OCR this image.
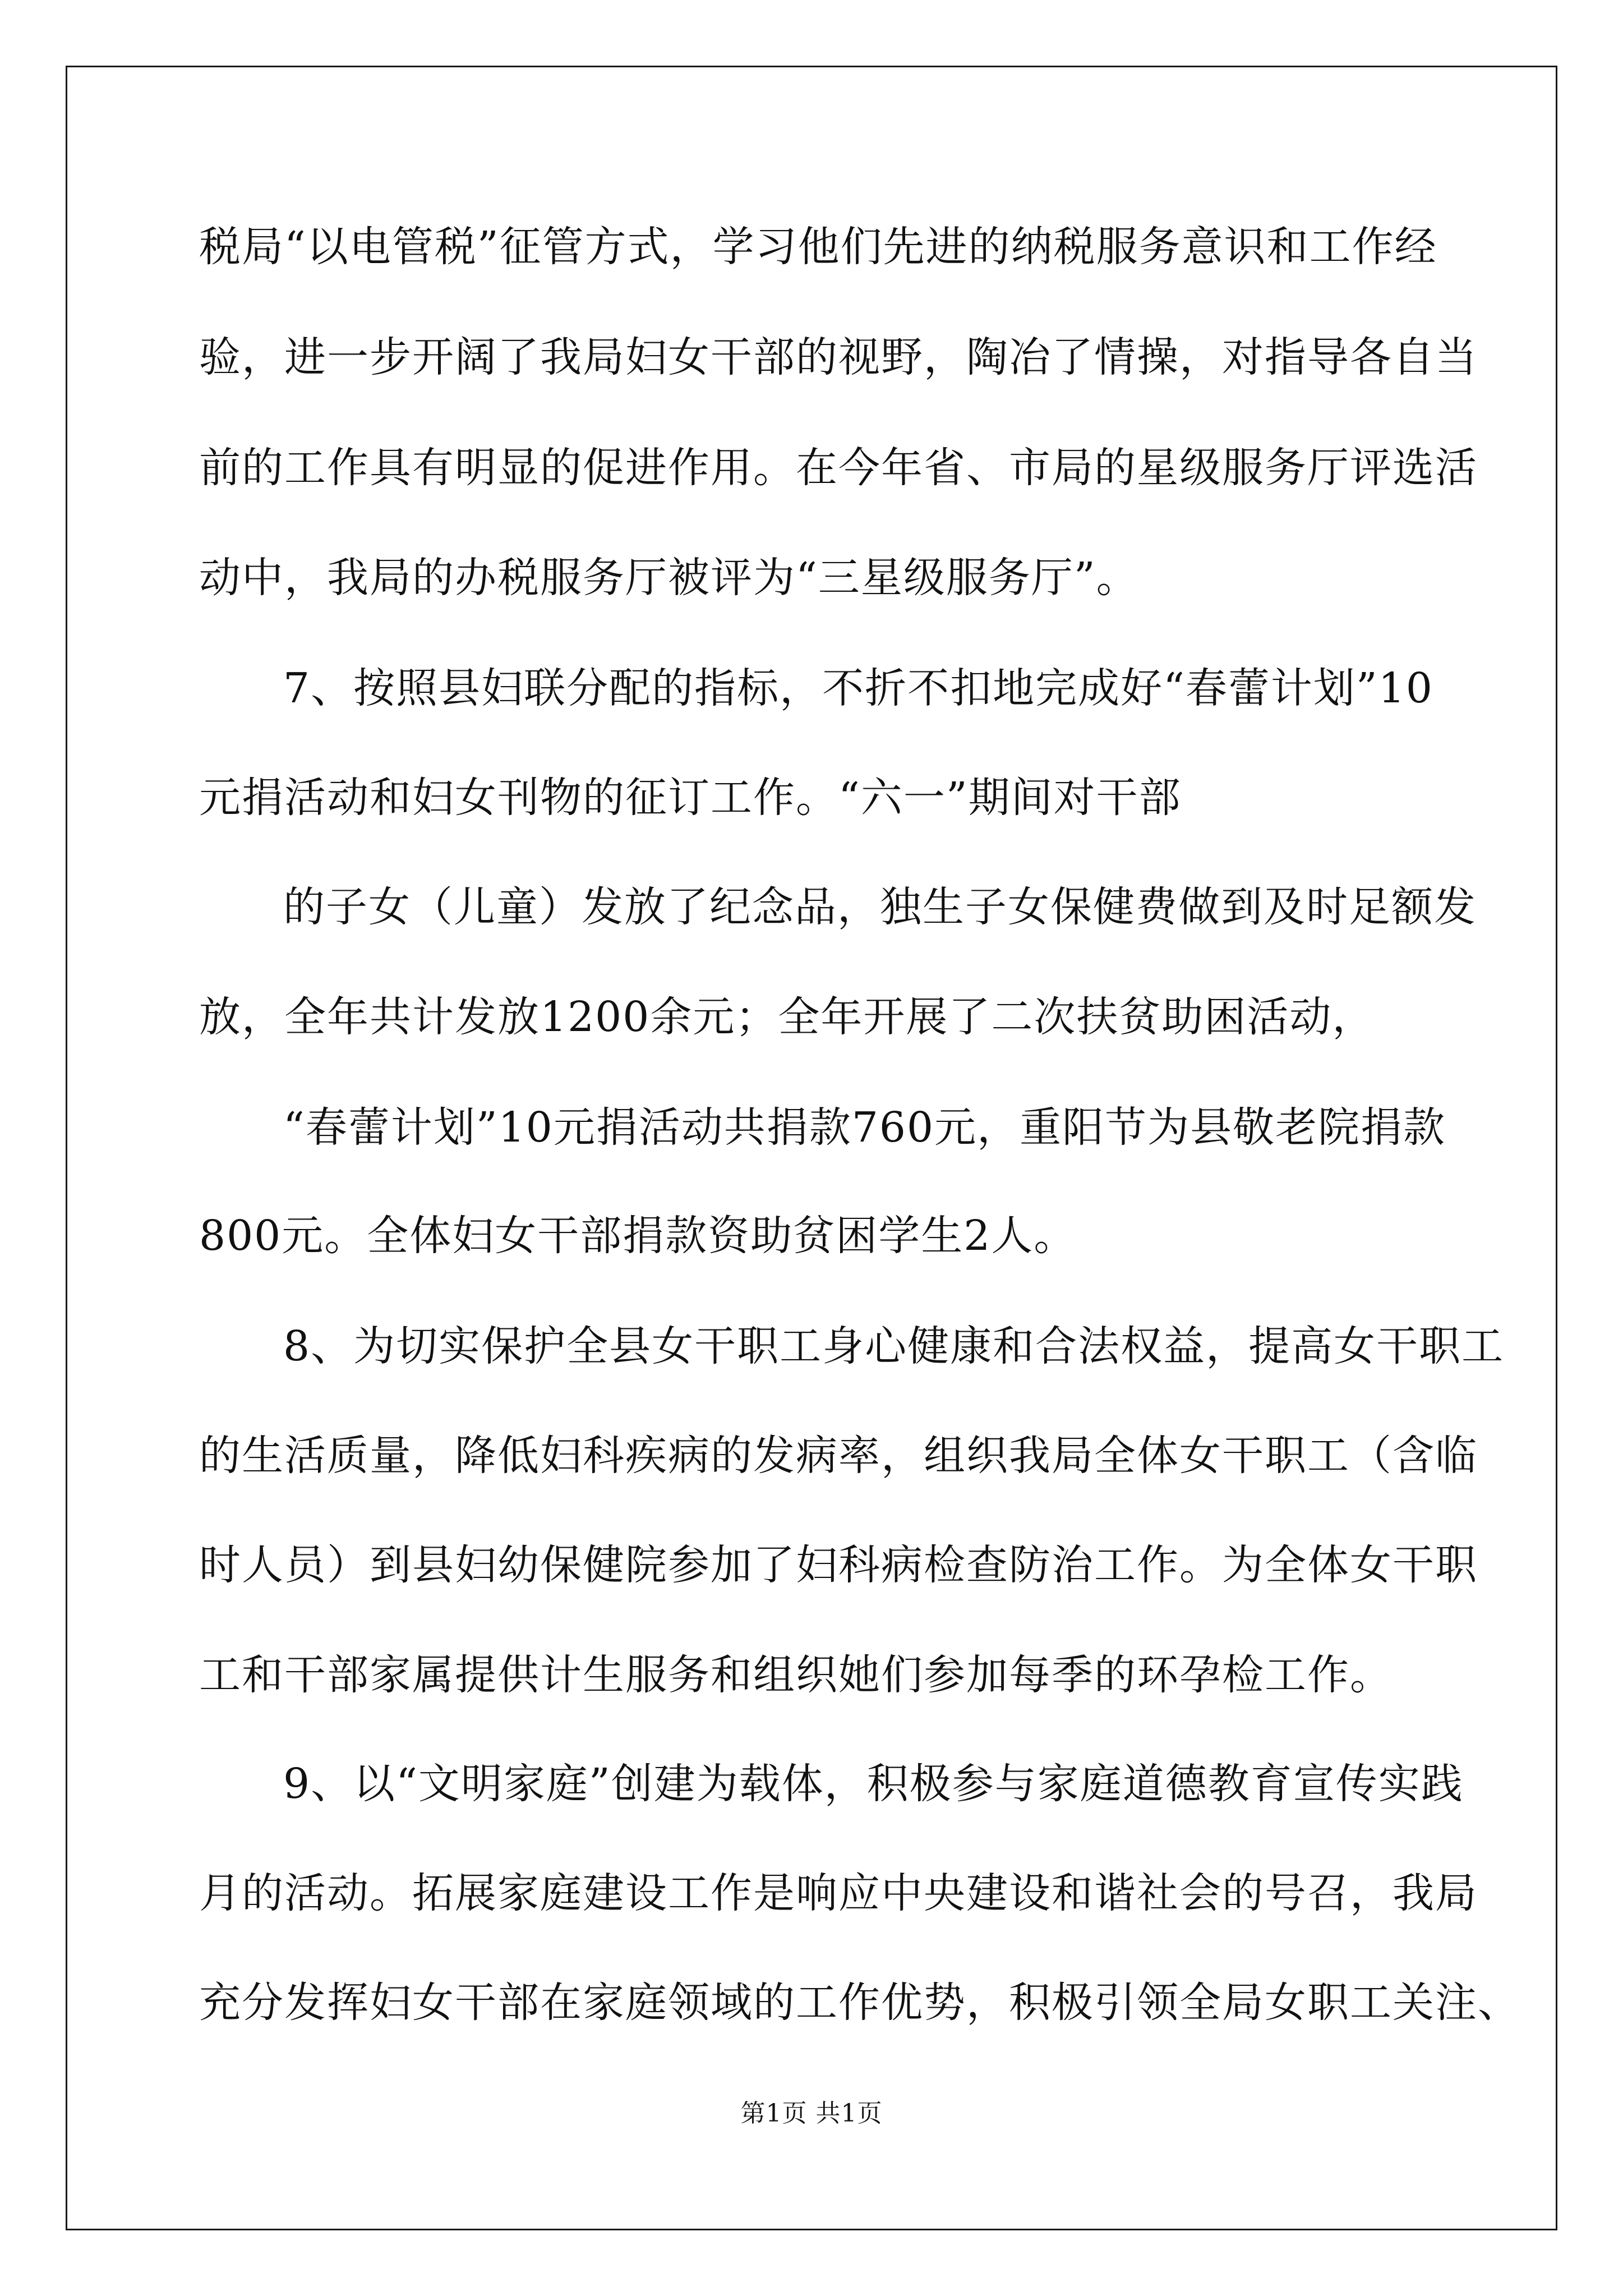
税局“以电管税”征管方式，学习他们先进的纳税服务意识和工作经
验，进一步开阔了我局妇女干部的视野，陶冶了情操，对指导各自当
前的工作具有明显的促进作用。在今年省、市局的星级服务厅评选活
动中，我局的办税服务厅被评为“三星级服务厅”。
7、按照县妇联分配的指标，不折不扣地完成好“春蕾计划”10
元捐活动和妇女刊物的征订工作。“六一”期间对干部
的子女（儿童）发放了纪念品，独生子女保健费做到及时足额发
放，全年共计发放1200余元；全年开展了二次扶贫助困活动，
“春蕾计划”10元捐活动共捐款760元，重阳节为县敬老院捐款
800元。全体妇女干部捐款资助贫困学生2人。
8、为切实保护全县女干职工身心健康和合法权益，提高女干职工
的生活质量，降低妇科疾病的发病率，组织我局全体女干职工（含临
时人员）到县妇幼保健院参加了妇科病检查防治工作。为全体女干职
工和干部家属提供计生服务和组织她们参加每季的环孕检工作。
9、以“文明家庭”创建为载体，积极参与家庭道德教育宣传实践
月的活动。拓展家庭建设工作是响应中央建设和谐社会的号召，我局
充分发挥妇女干部在家庭领域的工作优势，积极引领全局女职工关注、
第1页 共1页
